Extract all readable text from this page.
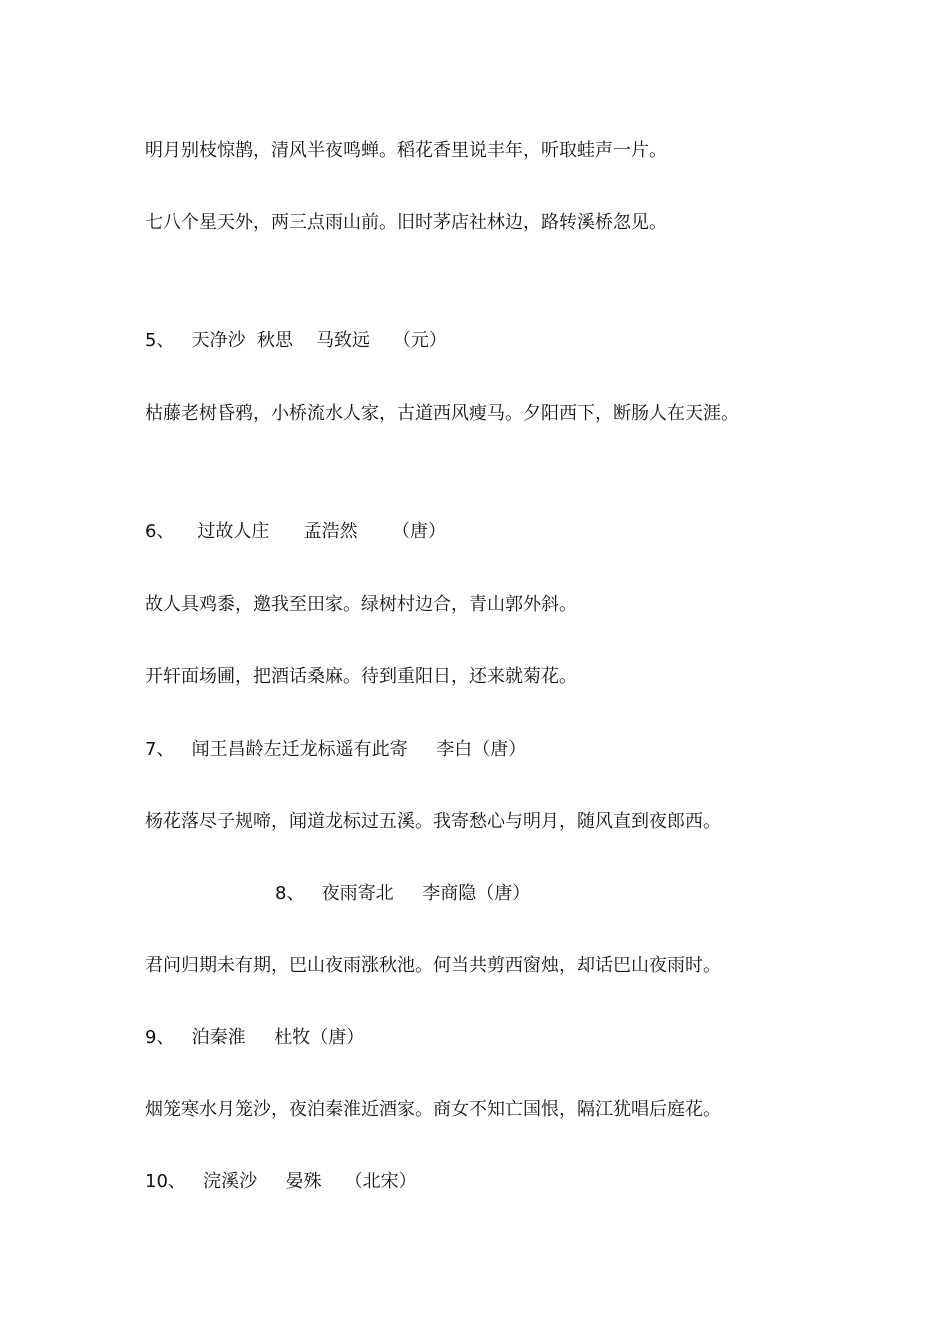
明月别枝惊鹊，清风半夜鸣蝉。稻花香里说丰年，听取蛙声一片。
七八个星天外，两三点雨山前。旧时茅店社林边，路转溪桥忽见。
5、   天净沙  秋思    马致远    （元）
枯藤老树昏鸦，小桥流水人家，古道西风瘦马。夕阳西下，断肠人在天涯。
6、    过故人庄      孟浩然      （唐）
故人具鸡黍，邀我至田家。绿树村边合，青山郭外斜。
开轩面场圃，把酒话桑麻。待到重阳日，还来就菊花。
7、   闻王昌龄左迁龙标遥有此寄     李白（唐）
杨花落尽子规啼，闻道龙标过五溪。我寄愁心与明月，随风直到夜郎西。
8、   夜雨寄北     李商隐（唐）
君问归期未有期，巴山夜雨涨秋池。何当共剪西窗烛，却话巴山夜雨时。
9、   泊秦淮     杜牧（唐）
烟笼寒水月笼沙，夜泊秦淮近酒家。商女不知亡国恨，隔江犹唱后庭花。
10、   浣溪沙     晏殊    （北宋）
